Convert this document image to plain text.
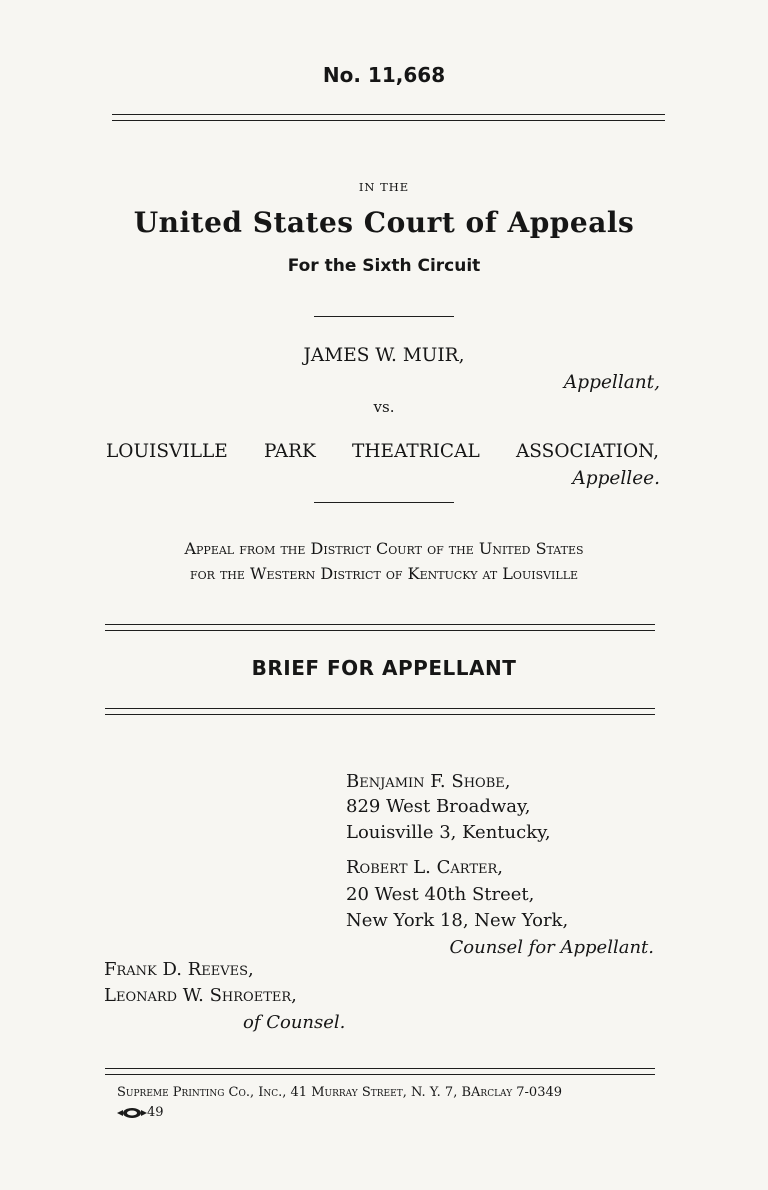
No. 11,668
IN THE
United States Court of Appeals
For the Sixth Circuit
JAMES W. MUIR,
Appellant,
vs.
LOUISVILLE PARK THEATRICAL ASSOCIATION,
Appellee.
Appeal from the District Court of the United States
for the Western District of Kentucky at Louisville
BRIEF FOR APPELLANT
Benjamin F. Shobe,
829 West Broadway,
Louisville 3, Kentucky,
Robert L. Carter,
20 West 40th Street,
New York 18, New York,
Counsel for Appellant.
Frank D. Reeves,
Leonard W. Shroeter,
of Counsel.
Supreme Printing Co., Inc., 41 Murray Street, N. Y. 7, BArclay 7-0349
49
